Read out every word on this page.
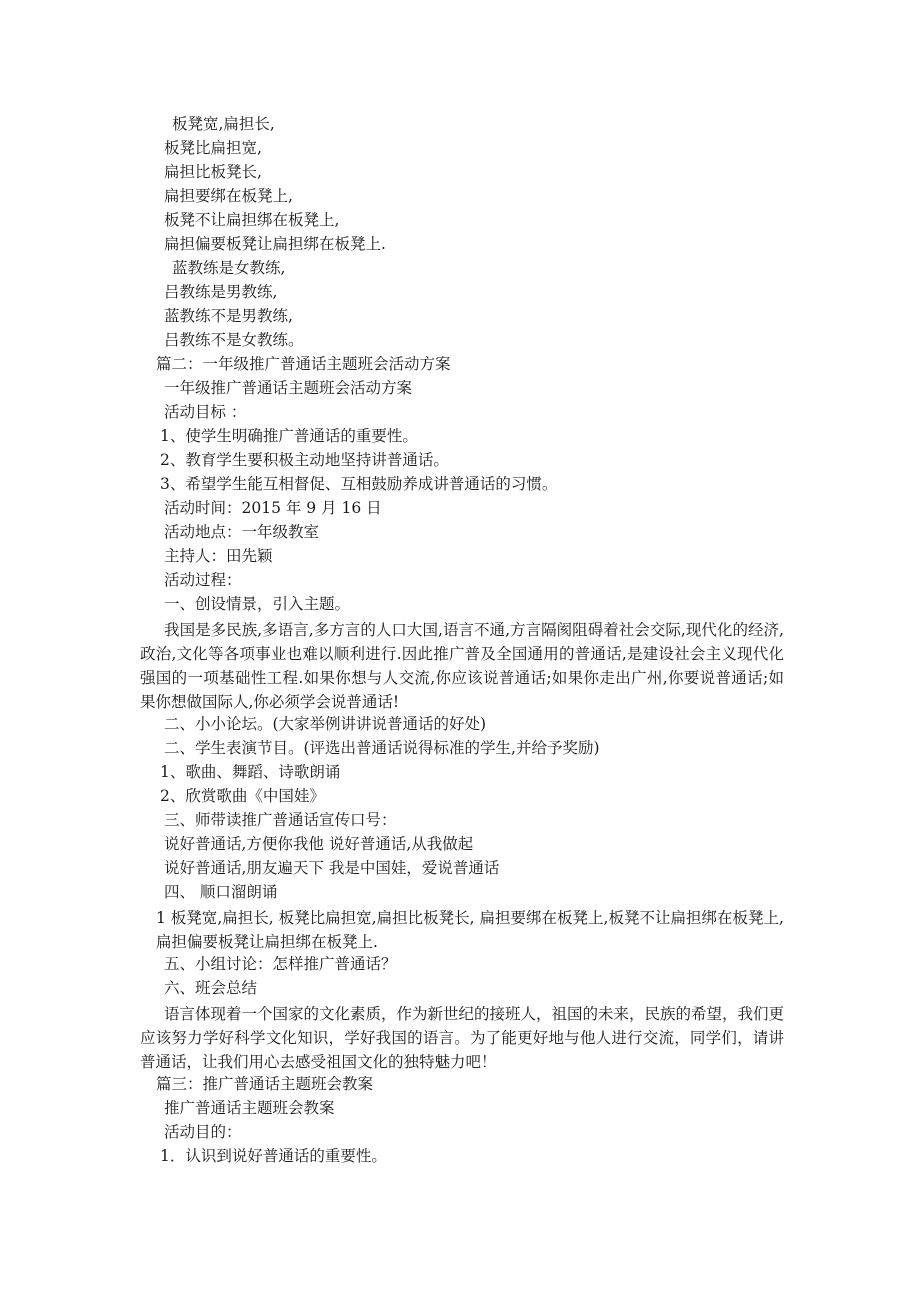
板凳宽,扁担长,
板凳比扁担宽,
扁担比板凳长,
扁担要绑在板凳上,
板凳不让扁担绑在板凳上,
扁担偏要板凳让扁担绑在板凳上.
蓝教练是女教练,
吕教练是男教练,
蓝教练不是男教练,
吕教练不是女教练。
篇二：一年级推广普通话主题班会活动方案
一年级推广普通话主题班会活动方案
活动目标 ：
1、使学生明确推广普通话的重要性。
2、教育学生要积极主动地坚持讲普通话。
3、希望学生能互相督促、互相鼓励养成讲普通话的习惯。
活动时间：2015 年 9 月 16 日
活动地点：一年级教室
主持人：田先颖
活动过程：
一、创设情景，引入主题。
我国是多民族,多语言,多方言的人口大国,语言不通,方言隔阂阻碍着社会交际,现代化的经济,政治,文化等各项事业也难以顺利进行.因此推广普及全国通用的普通话,是建设社会主义现代化强国的一项基础性工程.如果你想与人交流,你应该说普通话;如果你走出广州,你要说普通话;如果你想做国际人,你必须学会说普通话!
二、小小论坛。(大家举例讲讲说普通话的好处)
二、学生表演节目。(评选出普通话说得标准的学生,并给予奖励)
1、歌曲、舞蹈、诗歌朗诵
2、欣赏歌曲《中国娃》
三、师带读推广普通话宣传口号：
说好普通话,方便你我他 说好普通话,从我做起
说好普通话,朋友遍天下 我是中国娃，爱说普通话
四、 顺口溜朗诵
1 板凳宽,扁担长, 板凳比扁担宽,扁担比板凳长, 扁担要绑在板凳上,板凳不让扁担绑在板凳上,扁担偏要板凳让扁担绑在板凳上.
五、小组讨论：怎样推广普通话？
六、班会总结
语言体现着一个国家的文化素质，作为新世纪的接班人，祖国的未来，民族的希望，我们更应该努力学好科学文化知识，学好我国的语言。为了能更好地与他人进行交流，同学们，请讲普通话，让我们用心去感受祖国文化的独特魅力吧！
篇三：推广普通话主题班会教案
推广普通话主题班会教案
活动目的：
1．认识到说好普通话的重要性。
